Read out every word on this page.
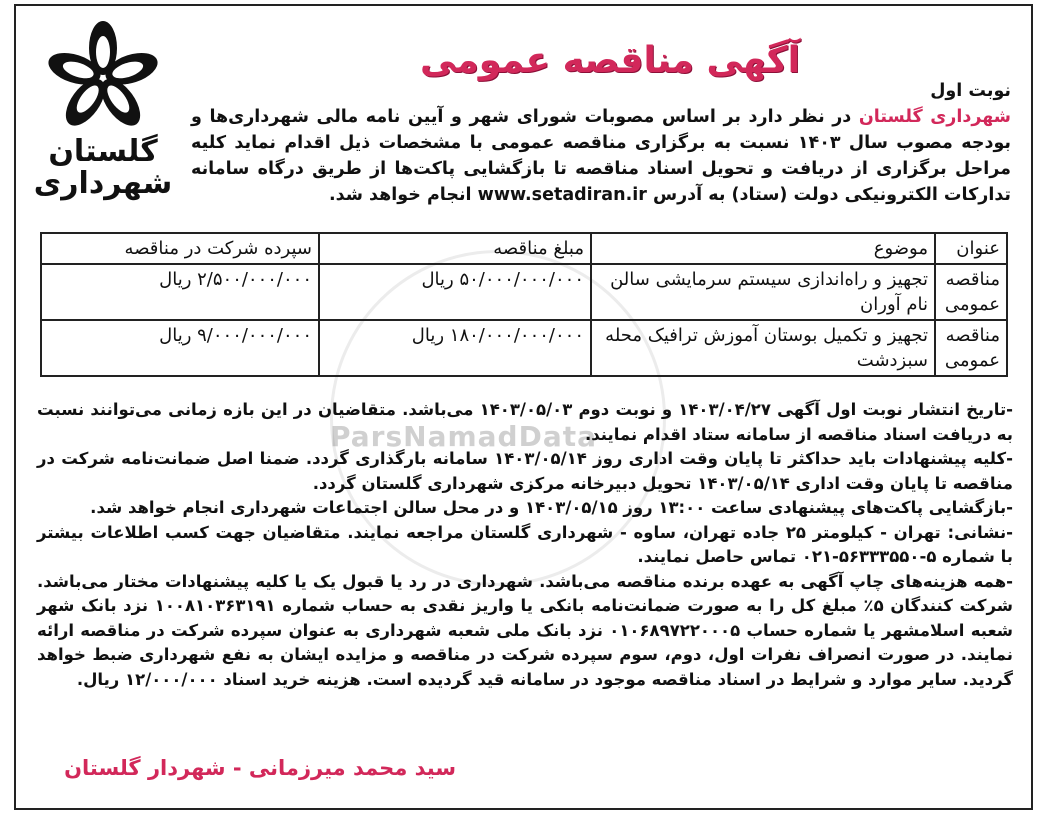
ParsNamadData
گلستان
شهرداری
آگهی مناقصه عمومی
نوبت اول
شهرداری گلستان در نظر دارد بر اساس مصوبات شورای شهر و آیین نامه مالی شهرداری‌ها و بودجه مصوب سال ۱۴۰۳ نسبت به برگزاری مناقصه عمومی با مشخصات ذیل اقدام نماید کلیه مراحل برگزاری از دریافت و تحویل اسناد مناقصه تا بازگشایی پاکت‌ها از طریق درگاه سامانه تدارکات الکترونیکی دولت (ستاد) به آدرس www.setadiran.ir انجام خواهد شد.
عنوان	موضوع	مبلغ مناقصه	سپرده شرکت در مناقصه
مناقصه عمومی	تجهیز و راه‌اندازی سیستم سرمایشی سالن نام آوران	۵۰/۰۰۰/۰۰۰/۰۰۰ ریال	۲/۵۰۰/۰۰۰/۰۰۰ ریال
مناقصه عمومی	تجهیز و تکمیل بوستان آموزش ترافیک محله سبزدشت	۱۸۰/۰۰۰/۰۰۰/۰۰۰ ریال	۹/۰۰۰/۰۰۰/۰۰۰ ریال

-تاریخ انتشار نوبت اول آگهی ۱۴۰۳/۰۴/۲۷ و نوبت دوم ۱۴۰۳/۰۵/۰۳ می‌باشد. متقاضیان در این بازه زمانی می‌توانند نسبت به دریافت اسناد مناقصه از سامانه ستاد اقدام نمایند.

-کلیه پیشنهادات باید حداکثر تا پایان وقت اداری روز ۱۴۰۳/۰۵/۱۴ سامانه بارگذاری گردد. ضمنا اصل ضمانت‌نامه شرکت در مناقصه تا پایان وقت اداری ۱۴۰۳/۰۵/۱۴ تحویل دبیرخانه مرکزی شهرداری گلستان گردد.

-بازگشایی پاکت‌های پیشنهادی ساعت ۱۳:۰۰ روز ۱۴۰۳/۰۵/۱۵ و در محل سالن اجتماعات شهرداری انجام خواهد شد.

-نشانی: تهران - کیلومتر ۲۵ جاده تهران، ساوه - شهرداری گلستان مراجعه نمایند. متقاضیان جهت کسب اطلاعات بیشتر با شماره ۵-۵۶۳۳۳۵۵۰-۰۲۱ تماس حاصل نمایند.

-همه هزینه‌های چاپ آگهی به عهده برنده مناقصه می‌باشد. شهرداری در رد یا قبول یک یا کلیه پیشنهادات مختار می‌باشد. شرکت کنندگان ۵٪ مبلغ کل را به صورت ضمانت‌نامه بانکی یا واریز نقدی به حساب شماره ۱۰۰۸۱۰۳۶۳۱۹۱ نزد بانک شهر شعبه اسلامشهر یا شماره حساب ۰۱۰۶۸۹۷۲۲۰۰۰۵ نزد بانک ملی شعبه شهرداری به عنوان سپرده شرکت در مناقصه ارائه نمایند. در صورت انصراف نفرات اول، دوم، سوم سپرده شرکت در مناقصه و مزایده ایشان به نفع شهرداری ضبط خواهد گردید. سایر موارد و شرایط در اسناد مناقصه موجود در سامانه قید گردیده است. هزینه خرید اسناد ۱۲/۰۰۰/۰۰۰ ریال.

سید محمد میرزمانی - شهردار گلستان
